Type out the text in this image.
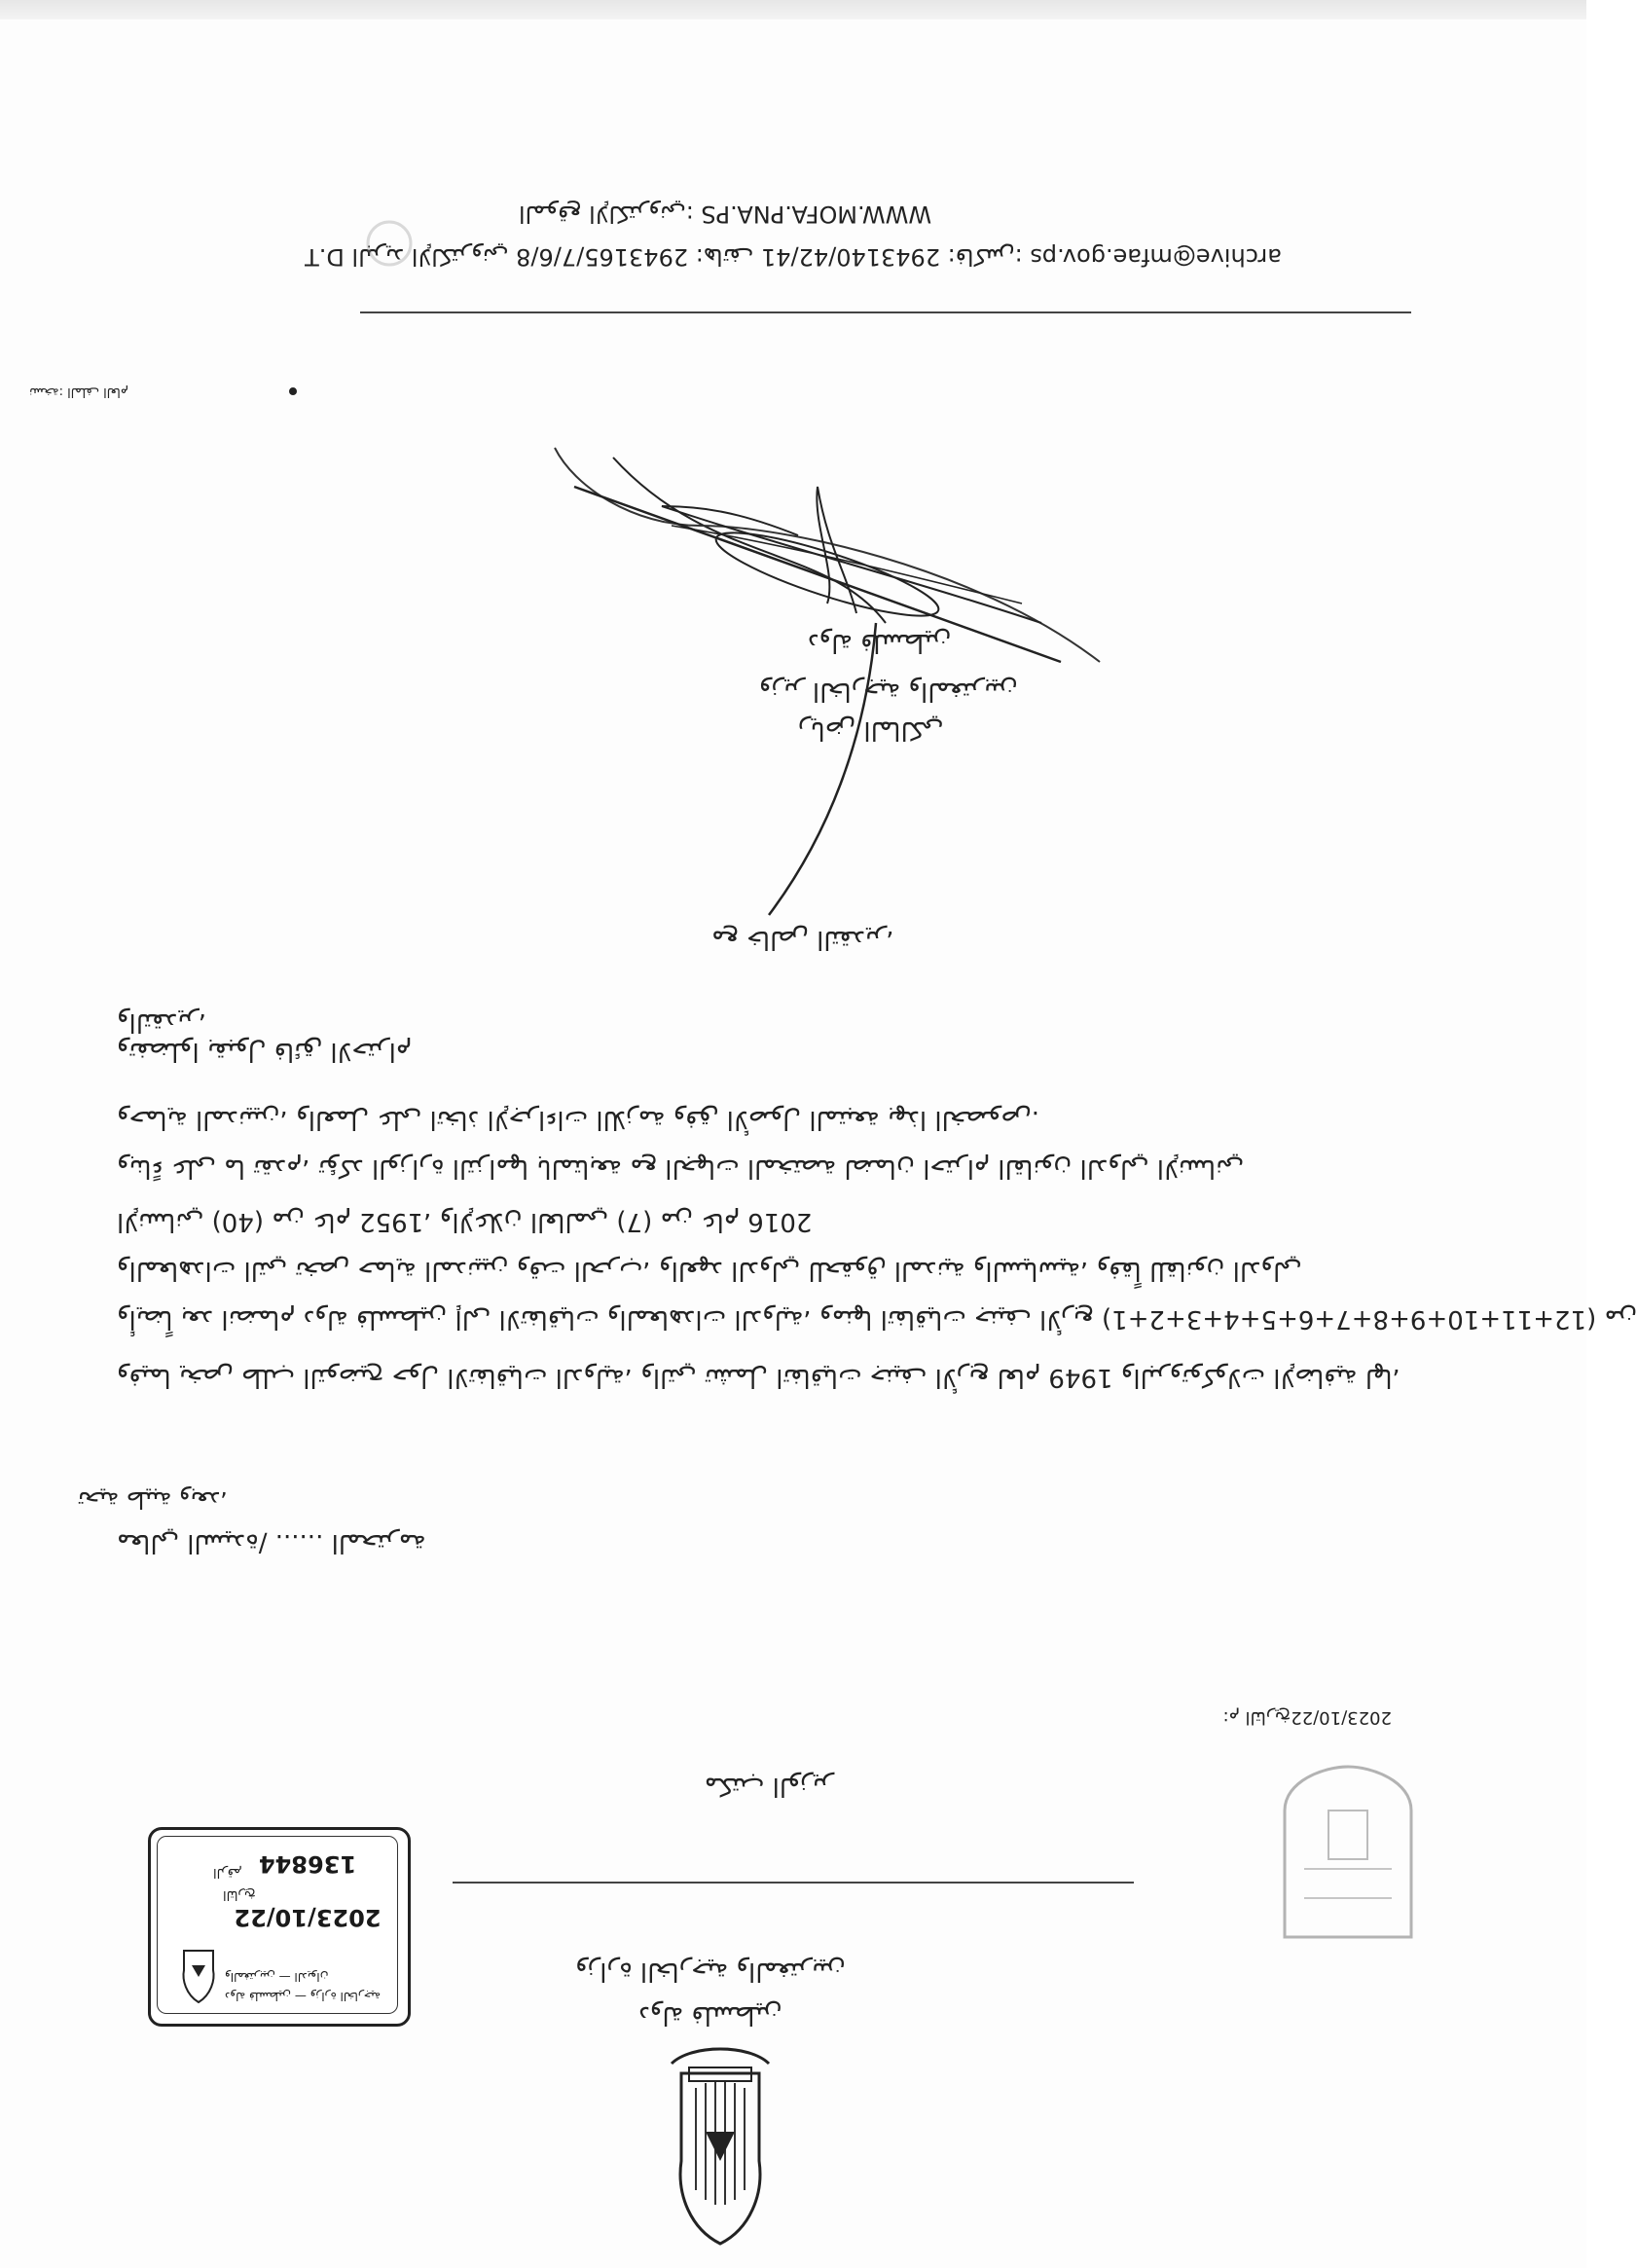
دولة فلسطين
وزارة الخارجية والمغتربين
مكتب الوزير
دولة فلسطين — وزارة الخارجية والمغتربين — الديوان
2023/10/22
التاريخ
136844
الرقم
2023/10/22م التاريخ:
معالي السيدة/ ...... المحترمة
تحية طيبة وبعد،
وفيما يخص طلب التوضيح حول الاتفاقيات الدولية، والتي تشمل اتفاقيات جنيف الأربع لعام 1949 والبروتوكولات الإضافية لها،
وأيضاً بعد انضمام دولة فلسطين إلى الاتفاقيات والمعاهدات الدولية، ومنها اتفاقيات جنيف الأربع (1+2+3+4+5+6+7+8+9+10+11+12) من
والمعاهدات التي تخص حماية المدنيين وقت الحرب، والعهد الدولي للحقوق المدنية والسياسية، وفقاً للقانون الدولي
الإنساني (40) من عام 1952، والإعلان العالمي (7) من عام 2016
وبناءً على ما تقدم، تؤكد الوزارة التزامها بالمتابعة مع الجهات المختصة لضمان احترام القانون الدولي الإنساني
وحماية المدنيين، والعمل على اتخاذ الإجراءات اللازمة وفق الأصول المتبعة بهذا الخصوص.
وتفضلوا بقبول فائق الاحترام والتقدير،
مع خالص التقدير،
رياض المالكي
وزير الخارجية والمغتربين
دولة فلسطين
نسخة: الملف العام
archive@mfae.gov.ps :البريد الإلكتروني 2943165/7/6/8 :هاتف 2943140/42/41 :فاكس D.T
WWW.MOFA.PNA.PS :الموقع الإلكتروني
